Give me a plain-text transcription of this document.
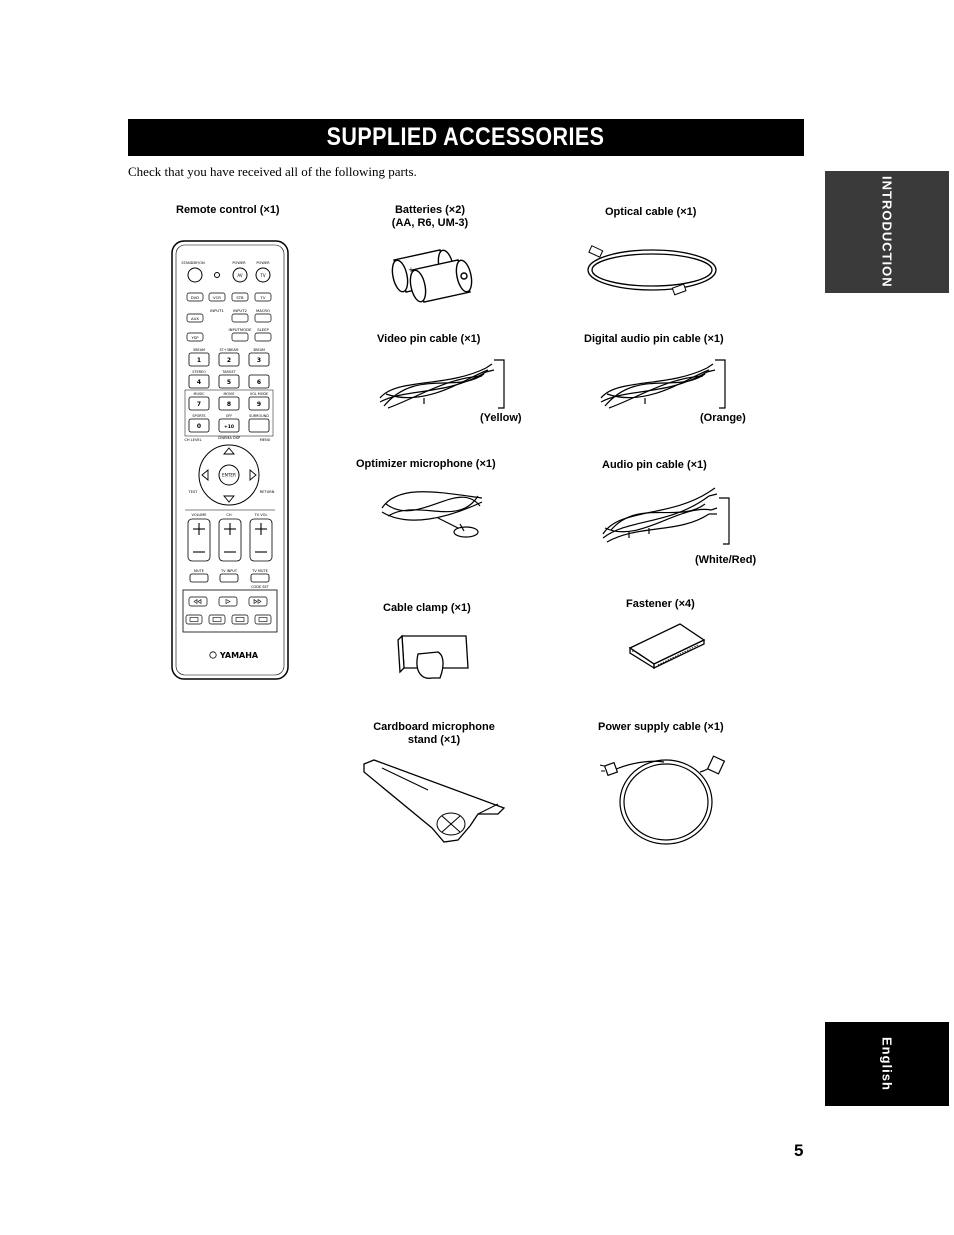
SUPPLIED ACCESSORIES
Check that you have received all of the following parts.
INTRODUCTION
English
Remote control (×1)	Batteries (×2)
(AA, R6, UM-3)
Optical cable (×1)
Video pin cable (×1)
(Yellow)
Digital audio pin cable (×1)
(Orange)
Optimizer microphone (×1)	Audio pin cable (×1)
(White/Red)
Cable clamp (×1)	Fastener (×4)
Cardboard microphone
stand (×1)
Power supply cable (×1)
5
STANDBY/ON	POWER	POWER
AV	TV
DVD	VCR	STB	TV
AUX
INPUT1 INPUT2 MACRO
YSP
INPUTMODE SLEEP
5BEAM	ST+3BEAM	3BEAM
STEREO	TARGET
MUSIC	MOVIE	VOL MODE
SPORTS	OFF	SURROUND
1	2	3
4	5	6
7	8	9
0	+10
CH LEVEL	CINEMA DSP	MENU
ENTER
TEST	RETURN
VOLUME	CH	TV VOL
MUTE	TV INPUT	TV MUTE
CODE SET
YAMAHA
+
